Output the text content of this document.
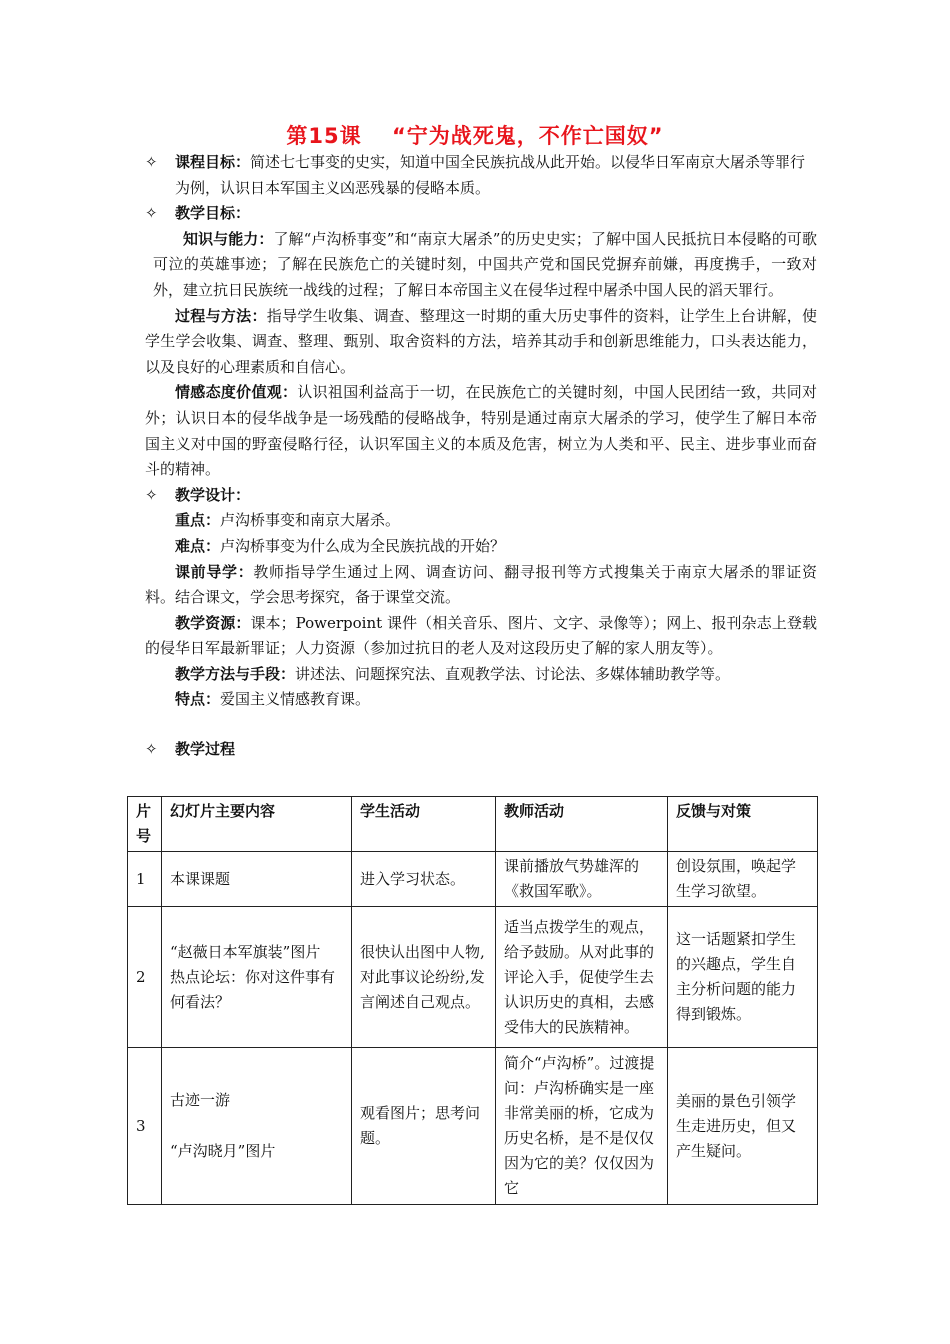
第15课　 “宁为战死鬼，不作亡国奴”
✧ 课程目标：简述七七事变的史实，知道中国全民族抗战从此开始。以侵华日军南京大屠杀等罪行为例，认识日本军国主义凶恶残暴的侵略本质。
✧ 教学目标：
知识与能力：了解“卢沟桥事变”和“南京大屠杀”的历史史实；了解中国人民抵抗日本侵略的可歌可泣的英雄事迹；了解在民族危亡的关键时刻，中国共产党和国民党摒弃前嫌，再度携手，一致对外，建立抗日民族统一战线的过程；了解日本帝国主义在侵华过程中屠杀中国人民的滔天罪行。
过程与方法：指导学生收集、调查、整理这一时期的重大历史事件的资料，让学生上台讲解，使学生学会收集、调查、整理、甄别、取舍资料的方法，培养其动手和创新思维能力，口头表达能力，以及良好的心理素质和自信心。
情感态度价值观：认识祖国利益高于一切，在民族危亡的关键时刻，中国人民团结一致，共同对外；认识日本的侵华战争是一场残酷的侵略战争，特别是通过南京大屠杀的学习，使学生了解日本帝国主义对中国的野蛮侵略行径，认识军国主义的本质及危害，树立为人类和平、民主、进步事业而奋斗的精神。
✧ 教学设计：
重点：卢沟桥事变和南京大屠杀。
难点：卢沟桥事变为什么成为全民族抗战的开始？
课前导学：教师指导学生通过上网、调查访问、翻寻报刊等方式搜集关于南京大屠杀的罪证资料。结合课文，学会思考探究，备于课堂交流。
教学资源：课本；Powerpoint 课件（相关音乐、图片、文字、录像等）；网上、报刊杂志上登载的侵华日军最新罪证；人力资源（参加过抗日的老人及对这段历史了解的家人朋友等）。
教学方法与手段：讲述法、问题探究法、直观教学法、讨论法、多媒体辅助教学等。
特点：爱国主义情感教育课。
✧ 教学过程
片号	幻灯片主要内容	学生活动	教师活动	反馈与对策
1	本课课题	进入学习状态。	课前播放气势雄浑的《救国军歌》。	创设氛围，唤起学生学习欲望。
2	“赵薇日本军旗装”图片
热点论坛：你对这件事有何看法？	很快认出图中人物,对此事议论纷纷,发言阐述自己观点。	适当点拨学生的观点，给予鼓励。从对此事的评论入手，促使学生去认识历史的真相，去感受伟大的民族精神。	这一话题紧扣学生的兴趣点，学生自主分析问题的能力得到锻炼。
3	古迹一游
“卢沟晓月”图片	观看图片；思考问题。	简介“卢沟桥”。过渡提问：卢沟桥确实是一座非常美丽的桥，它成为历史名桥，是不是仅仅因为它的美？仅仅因为它	美丽的景色引领学生走进历史，但又产生疑问。
